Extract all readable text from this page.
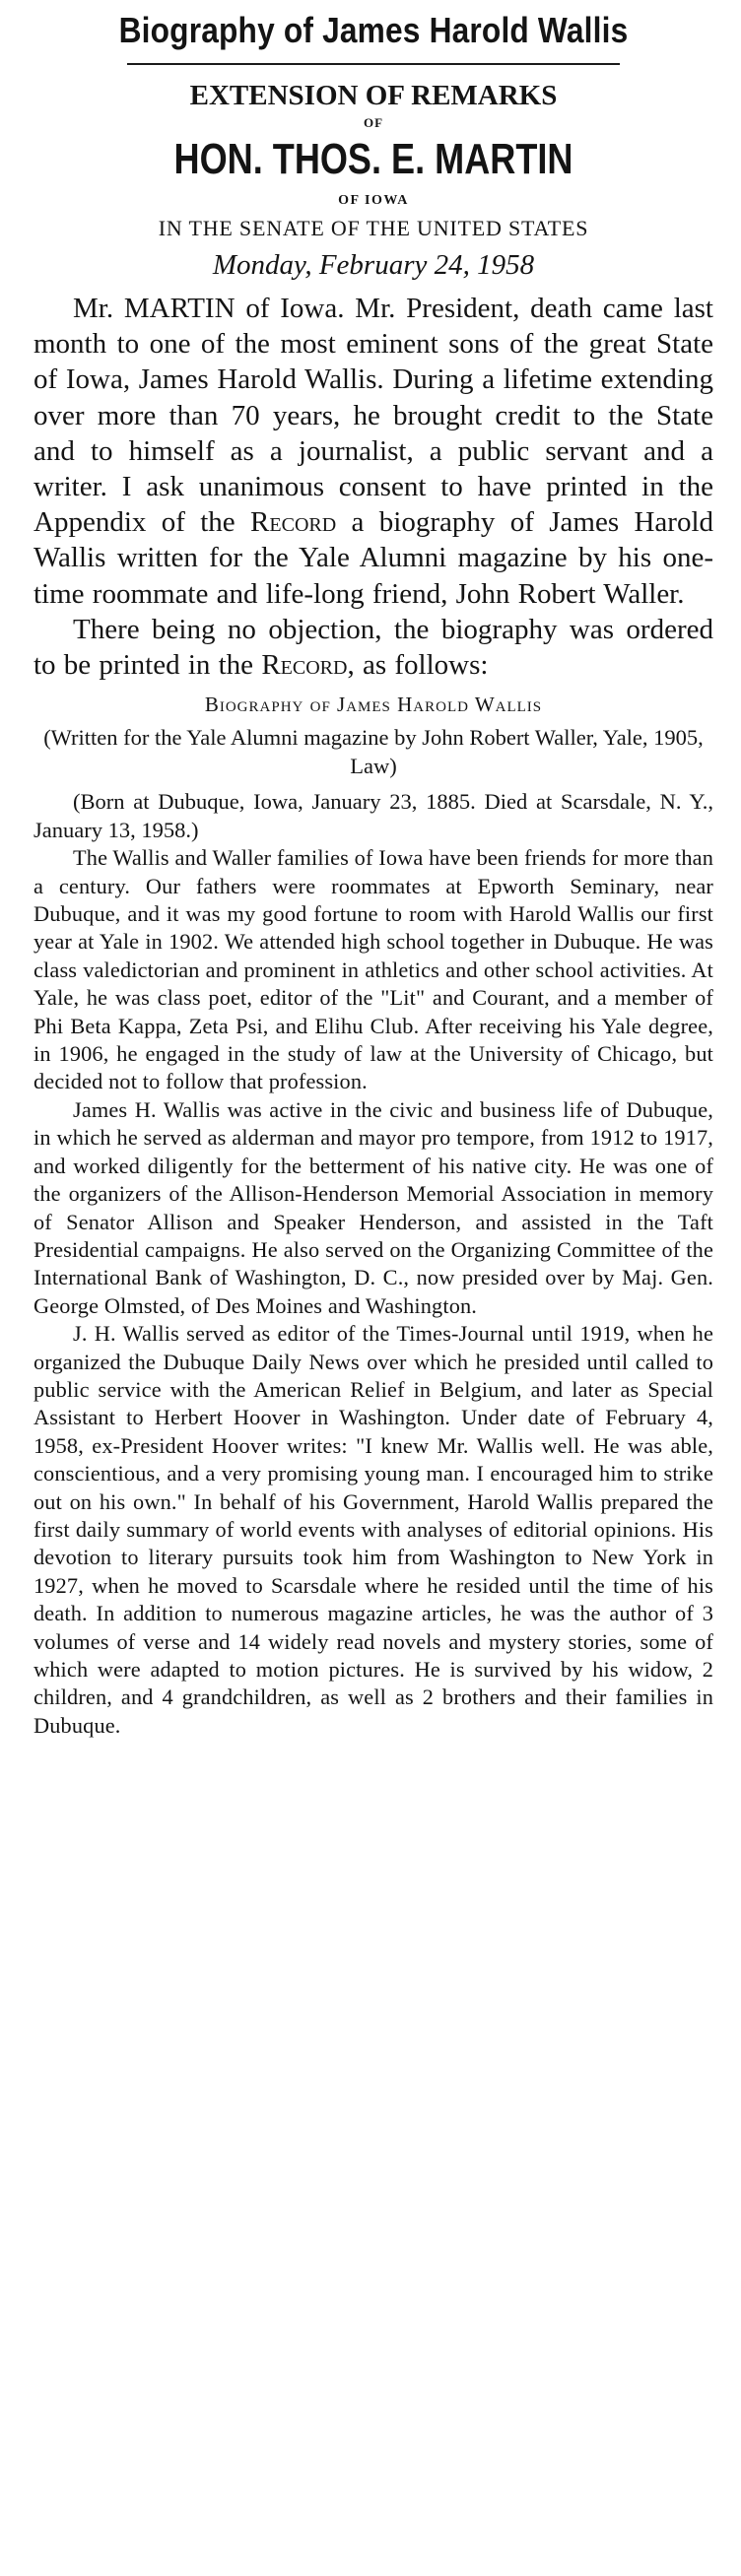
Biography of James Harold Wallis

EXTENSION OF REMARKS

OF

HON. THOS. E. MARTIN

OF IOWA

IN THE SENATE OF THE UNITED STATES

Monday, February 24, 1958

Mr. MARTIN of Iowa. Mr. President, death came last month to one of the most eminent sons of the great State of Iowa, James Harold Wallis. During a lifetime extending over more than 70 years, he brought credit to the State and to himself as a journalist, a public servant and a writer. I ask unanimous consent to have printed in the Appendix of the Record a biography of James Harold Wallis written for the Yale Alumni magazine by his one-time roommate and life-long friend, John Robert Waller.

There being no objection, the biography was ordered to be printed in the Record, as follows:

Biography of James Harold Wallis

(Written for the Yale Alumni magazine by John Robert Waller, Yale, 1905, Law)

(Born at Dubuque, Iowa, January 23, 1885. Died at Scarsdale, N. Y., January 13, 1958.)

The Wallis and Waller families of Iowa have been friends for more than a century. Our fathers were roommates at Epworth Seminary, near Dubuque, and it was my good fortune to room with Harold Wallis our first year at Yale in 1902. We attended high school together in Dubuque. He was class valedictorian and prominent in athletics and other school activities. At Yale, he was class poet, editor of the "Lit" and Courant, and a member of Phi Beta Kappa, Zeta Psi, and Elihu Club. After receiving his Yale degree, in 1906, he engaged in the study of law at the University of Chicago, but decided not to follow that profession.

James H. Wallis was active in the civic and business life of Dubuque, in which he served as alderman and mayor pro tempore, from 1912 to 1917, and worked diligently for the betterment of his native city. He was one of the organizers of the Allison-Henderson Memorial Association in memory of Senator Allison and Speaker Henderson, and assisted in the Taft Presidential campaigns. He also served on the Organizing Committee of the International Bank of Washington, D. C., now presided over by Maj. Gen. George Olmsted, of Des Moines and Washington.

J. H. Wallis served as editor of the Times-Journal until 1919, when he organized the Dubuque Daily News over which he presided until called to public service with the American Relief in Belgium, and later as Special Assistant to Herbert Hoover in Washington. Under date of February 4, 1958, ex-President Hoover writes: "I knew Mr. Wallis well. He was able, conscientious, and a very promising young man. I encouraged him to strike out on his own." In behalf of his Government, Harold Wallis prepared the first daily summary of world events with analyses of editorial opinions. His devotion to literary pursuits took him from Washington to New York in 1927, when he moved to Scarsdale where he resided until the time of his death. In addition to numerous magazine articles, he was the author of 3 volumes of verse and 14 widely read novels and mystery stories, some of which were adapted to motion pictures. He is survived by his widow, 2 children, and 4 grandchildren, as well as 2 brothers and their families in Dubuque.
